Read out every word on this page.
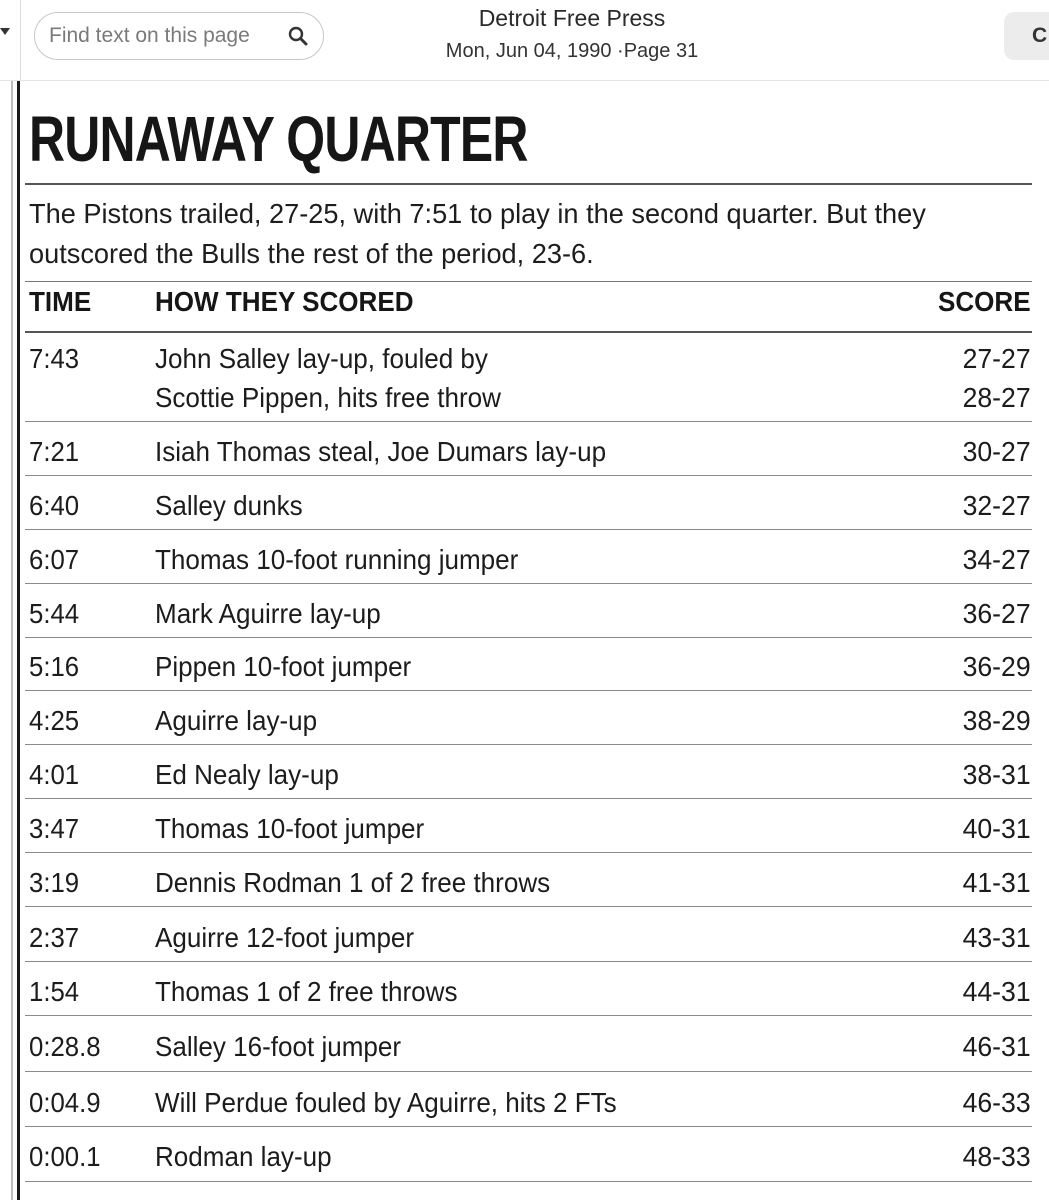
Find text on this page
Detroit Free Press
Mon, Jun 04, 1990 ·Page 31
C
RUNAWAY QUARTER

The Pistons trailed, 27-25, with 7:51 to play in the second quarter. But they outscored the Bulls the rest of the period, 23-6.

TIME HOW THEY SCORED	SCORE
7:43	John Salley lay-up, fouled by	27-27
Scottie Pippen, hits free throw	28-27
7:21	Isiah Thomas steal, Joe Dumars lay-up	30-27
6:40	Salley dunks	32-27
6:07	Thomas 10-foot running jumper	34-27
5:44	Mark Aguirre lay-up	36-27
5:16	Pippen 10-foot jumper	36-29
4:25	Aguirre lay-up	38-29
4:01	Ed Nealy lay-up	38-31
3:47	Thomas 10-foot jumper	40-31
3:19	Dennis Rodman 1 of 2 free throws	41-31
2:37	Aguirre 12-foot jumper	43-31
1:54	Thomas 1 of 2 free throws	44-31
0:28.8 Salley 16-foot jumper	46-31
0:04.9 Will Perdue fouled by Aguirre, hits 2 FTs	46-33
0:00.1 Rodman lay-up	48-33
